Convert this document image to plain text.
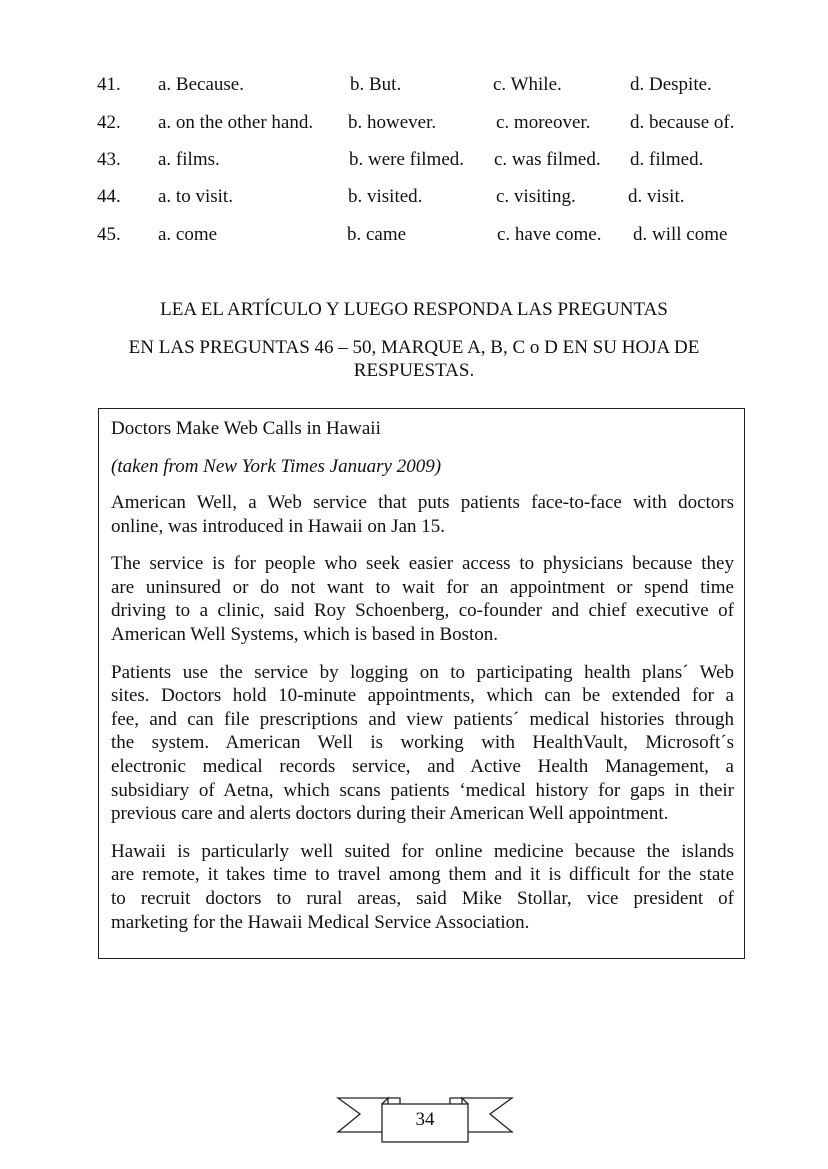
41. a. Because.	b. But.	c. While.	d. Despite.
42. a. on the other hand. b. however.	c. moreover. d. because of.
43. a. films.	b. were filmed. c. was filmed. d. filmed.
44. a. to visit.	b. visited.	c. visiting.	d. visit.
45. a. come	b. came	c. have come. d. will come
LEA EL ARTÍCULO Y LUEGO RESPONDA LAS PREGUNTAS
EN LAS PREGUNTAS 46 – 50, MARQUE A, B, C o D EN SU HOJA DE
RESPUESTAS.
Doctors Make Web Calls in Hawaii
(taken from New York Times January 2009)
American Well, a Web service that puts patients face-to-face with doctors
online, was introduced in Hawaii on Jan 15.
The service is for people who seek easier access to physicians because they
are uninsured or do not want to wait for an appointment or spend time
driving to a clinic, said Roy Schoenberg, co-founder and chief executive of
American Well Systems, which is based in Boston.
Patients use the service by logging on to participating health plans´ Web
sites. Doctors hold 10-minute appointments, which can be extended for a
fee, and can file prescriptions and view patients´ medical histories through
the system. American Well is working with HealthVault, Microsoft´s
electronic medical records service, and Active Health Management, a
subsidiary of Aetna, which scans patients ‘medical history for gaps in their
previous care and alerts doctors during their American Well appointment.
Hawaii is particularly well suited for online medicine because the islands
are remote, it takes time to travel among them and it is difficult for the state
to recruit doctors to rural areas, said Mike Stollar, vice president of
marketing for the Hawaii Medical Service Association.
34
